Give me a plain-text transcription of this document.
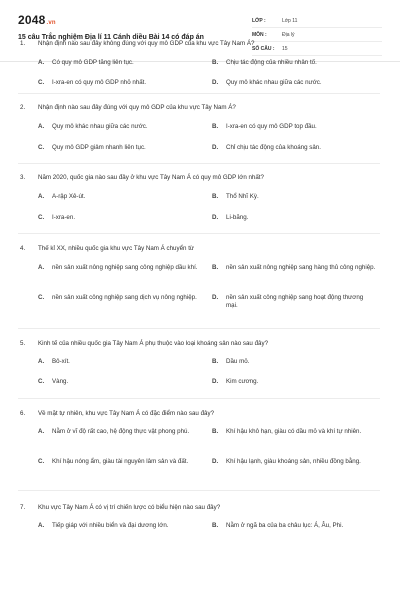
2048.vn
15 câu Trắc nghiệm Địa lí 11 Cánh diều Bài 14 có đáp án
LỚP :	Lớp 11
MÔN :	Địa lý
SỐ CÂU :	15
1.	Nhận định nào sau đây không đúng với quy mô GDP của khu vực Tây Nam Á?
A.	Có quy mô GDP tăng liên tục.	B.	Chịu tác động của nhiều nhân tố.
C.	I-xra-en có quy mô GDP nhỏ nhất.	D.	Quy mô khác nhau giữa các nước.
2.	Nhận định nào sau đây đúng với quy mô GDP của khu vực Tây Nam Á?
A.	Quy mô khác nhau giữa các nước.	B.	I-xra-en có quy mô GDP top đầu.
C.	Quy mô GDP giảm nhanh liên tục.	D.	Chỉ chịu tác động của khoáng sản.
3.	Năm 2020, quốc gia nào sau đây ở khu vực Tây Nam Á có quy mô GDP lớn nhất?
A.	A-rập Xê-út.	B.	Thổ Nhĩ Kỳ.
C.	I-xra-en.	D.	Li-băng.
4.	Thế kỉ XX, nhiều quốc gia khu vực Tây Nam Á chuyển từ
A.	nền sản xuất nông nghiệp sang công nghiệp dầu khí.	B.	nền sản xuất nông nghiệp sang hàng thủ công nghiệp.
C.	nền sản xuất công nghiệp sang dịch vụ nông nghiệp.	D.	nền sản xuất công nghiệp sang hoạt động thương mại.
5.	Kinh tế của nhiều quốc gia Tây Nam Á phụ thuộc vào loại khoáng sản nào sau đây?
A.	Bô-xít.	B.	Dầu mỏ.
C.	Vàng.	D.	Kim cương.
6.	Về mặt tự nhiên, khu vực Tây Nam Á có đặc điểm nào sau đây?
A.	Nằm ở vĩ độ rất cao, hệ động thực vật phong phú.	B.	Khí hậu khô hạn, giàu có dầu mỏ và khí tự nhiên.
C.	Khí hậu nóng ẩm, giàu tài nguyên lâm sản và đất.	D.	Khí hậu lạnh, giàu khoáng sản, nhiều đồng bằng.
7.	Khu vực Tây Nam Á có vị trí chiến lược có biểu hiện nào sau đây?
A.	Tiếp giáp với nhiều biển và đại dương lớn.	B.	Nằm ở ngã ba của ba châu lục: Á, Âu, Phi.
